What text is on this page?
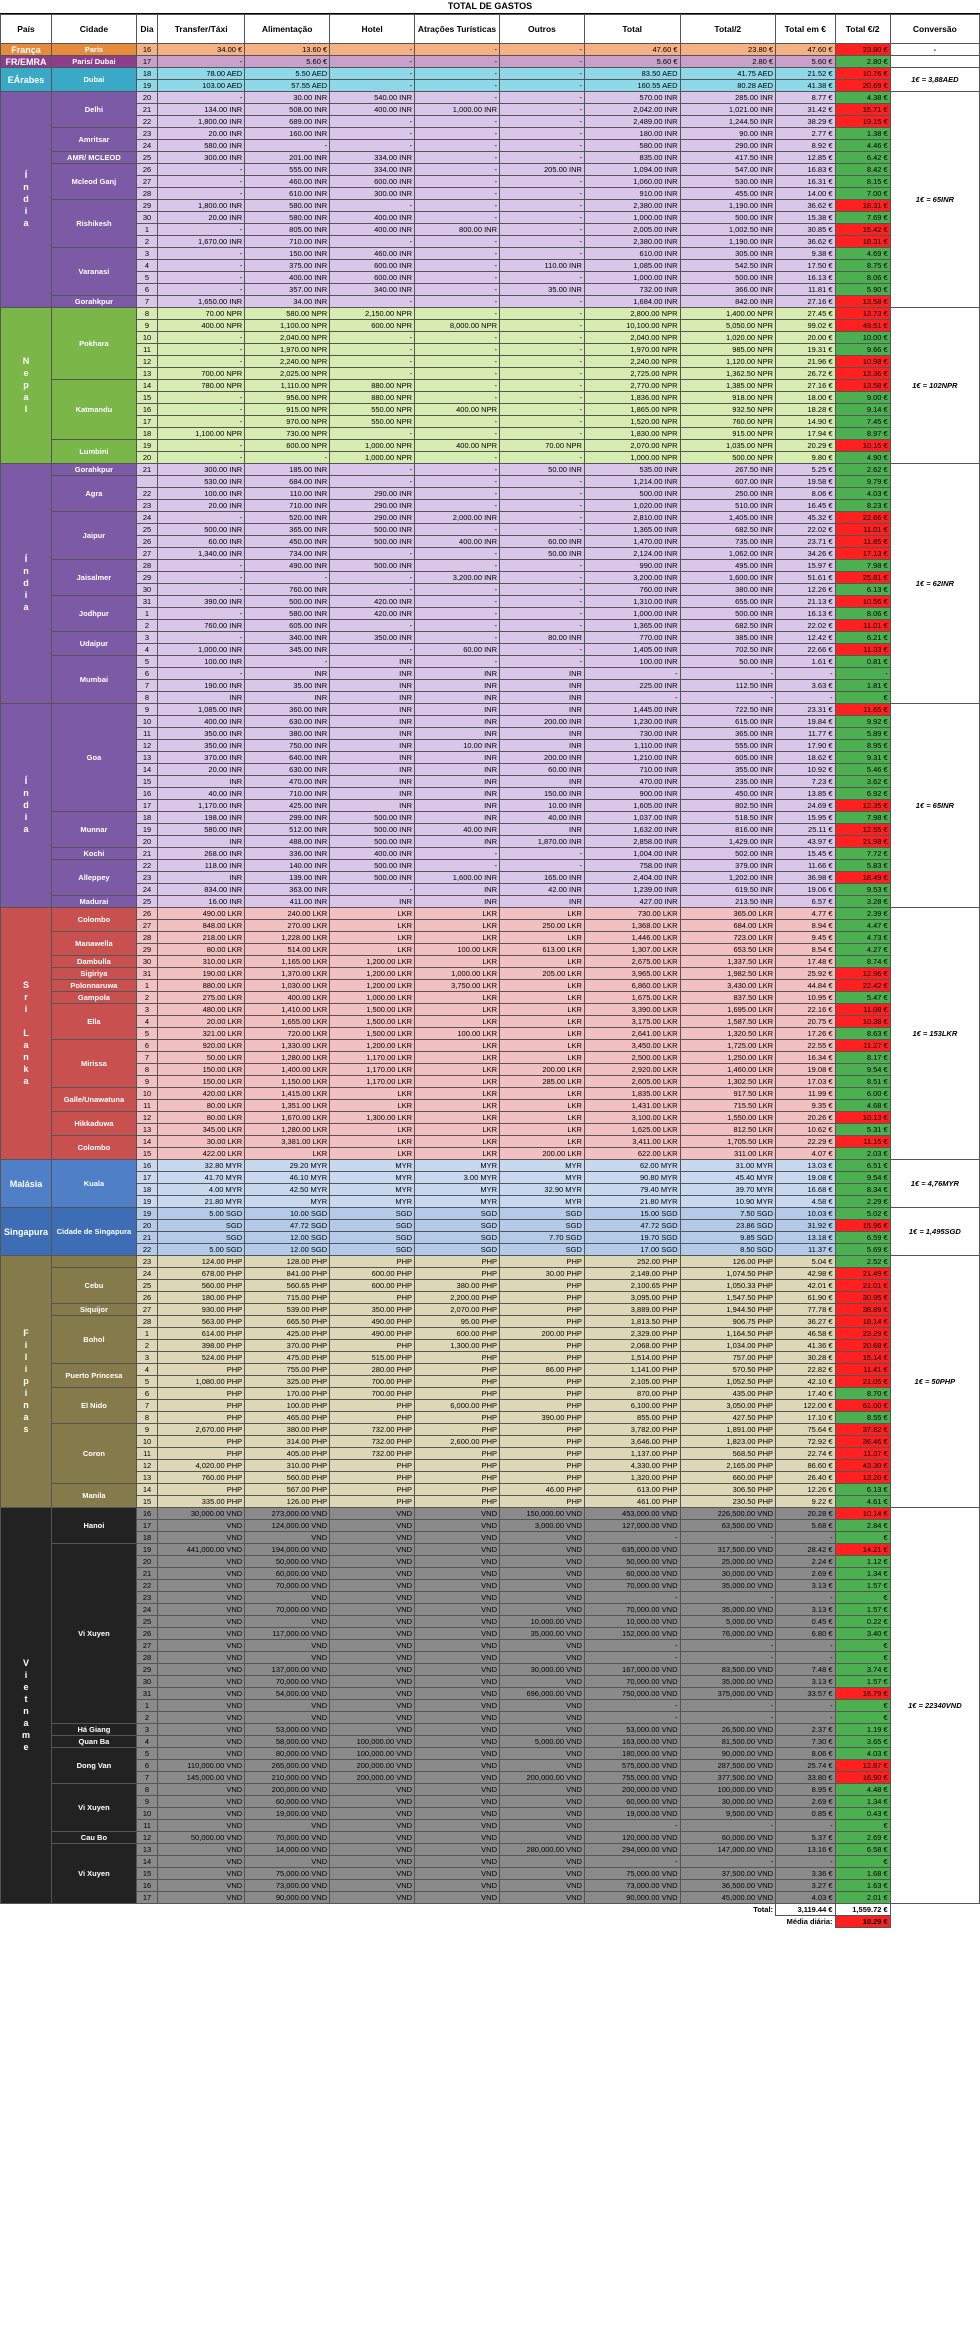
TOTAL DE GASTOS
País	Cidade	Dia	Transfer/Táxi	Alimentação	Hotel	Atrações Turísticas	Outros	Total	Total/2	Total em €	Total €/2	Conversão
França	Paris	16	34.00 €	13.60 €	-	-	-	47.60 €	23.80 €	47.60 €	23.80 €	-
FR/EMRA	Paris/ Dubai	17	-	5.60 €	-	-	-	5.60 €	2.80 €	5.60 €	2.80 €	
EÁrabes	Dubai	18	78.00 AED	5.50 AED	-	-	-	83.50 AED	41.75 AED	21.52 €	10.76 €	1€ = 3,88AED
		19	103.00 AED	57.55 AED	-	-	-	160.55 AED	80.28 AED	41.38 €	20.69 €	
Índia	Delhi	20	-	30.00 INR	540.00 INR	-	-	570.00 INR	285.00 INR	8.77 €	4.38 €	1€ = 65INR
		21	134.00 INR	508.00 INR	400.00 INR	1,000.00 INR	-	2,042.00 INR	1,021.00 INR	31.42 €	15.71 €	
		22	1,800.00 INR	689.00 INR	-	-	-	2,489.00 INR	1,244.50 INR	38.29 €	19.15 €	
	Amritsar	23	20.00 INR	160.00 INR	-	-	-	180.00 INR	90.00 INR	2.77 €	1.38 €	
		24	580.00 INR	-	-	-	-	580.00 INR	290.00 INR	8.92 €	4.46 €	
	AMR/ MCLEOD	25	300.00 INR	201.00 INR	334.00 INR	-	-	835.00 INR	417.50 INR	12.85 €	6.42 €	
	Mcleod Ganj	26	-	555.00 INR	334.00 INR	-	205.00 INR	1,094.00 INR	547.00 INR	16.83 €	8.42 €	
		27	-	460.00 INR	600.00 INR	-	-	1,060.00 INR	530.00 INR	16.31 €	8.15 €	
		28	-	610.00 INR	300.00 INR	-	-	910.00 INR	455.00 INR	14.00 €	7.00 €	
	Rishikesh	29	1,800.00 INR	580.00 INR	-	-	-	2,380.00 INR	1,190.00 INR	36.62 €	18.31 €	
		30	20.00 INR	580.00 INR	400.00 INR	-	-	1,000.00 INR	500.00 INR	15.38 €	7.69 €	
		1	-	805.00 INR	400.00 INR	800.00 INR	-	2,005.00 INR	1,002.50 INR	30.85 €	15.42 €	
		2	1,670.00 INR	710.00 INR	-	-	-	2,380.00 INR	1,190.00 INR	36.62 €	18.31 €	
	Varanasi	3	-	150.00 INR	460.00 INR	-	-	610.00 INR	305.00 INR	9.38 €	4.69 €	
		4	-	375.00 INR	600.00 INR	-	110.00 INR	1,085.00 INR	542.50 INR	17.50 €	8.75 €	
		5	-	400.00 INR	600.00 INR	-	-	1,000.00 INR	500.00 INR	16.13 €	8.06 €	
		6	-	357.00 INR	340.00 INR	-	35.00 INR	732.00 INR	366.00 INR	11.81 €	5.90 €	
	Gorahkpur	7	1,650.00 INR	34.00 INR	-	-	-	1,684.00 INR	842.00 INR	27.16 €	13.58 €	
Nepal	Pokhara	8	70.00 NPR	580.00 NPR	2,150.00 NPR	-	-	2,800.00 NPR	1,400.00 NPR	27.45 €	13.73 €	1€ = 102NPR
		9	400.00 NPR	1,100.00 NPR	600.00 NPR	8,000.00 NPR	-	10,100.00 NPR	5,050.00 NPR	99.02 €	49.51 €	
		10	-	2,040.00 NPR	-	-	-	2,040.00 NPR	1,020.00 NPR	20.00 €	10.00 €	
		11	-	1,970.00 NPR	-	-	-	1,970.00 NPR	985.00 NPR	19.31 €	9.66 €	
		12	-	2,240.00 NPR	-	-	-	2,240.00 NPR	1,120.00 NPR	21.96 €	10.98 €	
		13	700.00 NPR	2,025.00 NPR	-	-	-	2,725.00 NPR	1,362.50 NPR	26.72 €	13.36 €	
	Katmandu	14	780.00 NPR	1,110.00 NPR	880.00 NPR	-	-	2,770.00 NPR	1,385.00 NPR	27.16 €	13.58 €	
		15	-	956.00 NPR	880.00 NPR	-	-	1,836.00 NPR	918.00 NPR	18.00 €	9.00 €	
		16	-	915.00 NPR	550.00 NPR	400.00 NPR	-	1,865.00 NPR	932.50 NPR	18.28 €	9.14 €	
		17	-	970.00 NPR	550.00 NPR	-	-	1,520.00 NPR	760.00 NPR	14.90 €	7.45 €	
		18	1,100.00 NPR	730.00 NPR	-	-	-	1,830.00 NPR	915.00 NPR	17.94 €	8.97 €	
	Lumbini	19	-	600.00 NPR	1,000.00 NPR	400.00 NPR	70.00 NPR	2,070.00 NPR	1,035.00 NPR	20.29 €	10.15 €	
		20	-	-	1,000.00 NPR	-	-	1,000.00 NPR	500.00 NPR	9.80 €	4.90 €	
Índia	Gorahkpur	21	300.00 INR	185.00 INR	-	-	50.00 INR	535.00 INR	267.50 INR	5.25 €	2.62 €	1€ = 62INR
	Agra		530.00 INR	684.00 INR	-	-	-	1,214.00 INR	607.00 INR	19.58 €	9.79 €	
		22	100.00 INR	110.00 INR	290.00 INR	-	-	500.00 INR	250.00 INR	8.06 €	4.03 €	
		23	20.00 INR	710.00 INR	290.00 INR	-	-	1,020.00 INR	510.00 INR	16.45 €	8.23 €	
	Jaipur	24	-	520.00 INR	290.00 INR	2,000.00 INR	-	2,810.00 INR	1,405.00 INR	45.32 €	22.66 €	
		25	500.00 INR	365.00 INR	500.00 INR	-	-	1,365.00 INR	682.50 INR	22.02 €	11.01 €	
		26	60.00 INR	450.00 INR	500.00 INR	400.00 INR	60.00 INR	1,470.00 INR	735.00 INR	23.71 €	11.85 €	
		27	1,340.00 INR	734.00 INR	-	-	50.00 INR	2,124.00 INR	1,062.00 INR	34.26 €	17.13 €	
	Jaisalmer	28	-	490.00 INR	500.00 INR	-	-	990.00 INR	495.00 INR	15.97 €	7.98 €	
		29	-	-	-	3,200.00 INR	-	3,200.00 INR	1,600.00 INR	51.61 €	25.81 €	
		30	-	760.00 INR	-	-	-	760.00 INR	380.00 INR	12.26 €	6.13 €	
	Jodhpur	31	390.00 INR	500.00 INR	420.00 INR	-	-	1,310.00 INR	655.00 INR	21.13 €	10.56 €	
		1	-	580.00 INR	420.00 INR	-	-	1,000.00 INR	500.00 INR	16.13 €	8.06 €	
		2	760.00 INR	605.00 INR	-	-	-	1,365.00 INR	682.50 INR	22.02 €	11.01 €	
	Udaipur	3	-	340.00 INR	350.00 INR	-	80.00 INR	770.00 INR	385.00 INR	12.42 €	6.21 €	
		4	1,000.00 INR	345.00 INR	-	60.00 INR	-	1,405.00 INR	702.50 INR	22.66 €	11.33 €	
	Mumbai	5	100.00 INR	-	INR	-	-	100.00 INR	50.00 INR	1.61 €	0.81 €	
		6	-	INR	INR	INR	INR	-	-	-	-	
		7	190.00 INR	35.00 INR	INR	INR	INR	225.00 INR	112.50 INR	3.63 €	1.81 €	
		8	INR	INR	INR	INR	INR	-	-	-	€	
Índia	Goa	9	1,085.00 INR	360.00 INR	INR	INR	INR	1,445.00 INR	722.50 INR	23.31 €	11.65 €	1€ = 65INR
		10	400.00 INR	630.00 INR	INR	INR	200.00 INR	1,230.00 INR	615.00 INR	19.84 €	9.92 €	
		11	350.00 INR	380.00 INR	INR	INR	INR	730.00 INR	365.00 INR	11.77 €	5.89 €	
		12	350.00 INR	750.00 INR	INR	10.00 INR	INR	1,110.00 INR	555.00 INR	17.90 €	8.95 €	
		13	370.00 INR	640.00 INR	INR	INR	200.00 INR	1,210.00 INR	605.00 INR	18.62 €	9.31 €	
		14	20.00 INR	630.00 INR	INR	INR	60.00 INR	710.00 INR	355.00 INR	10.92 €	5.46 €	
		15	INR	470.00 INR	INR	INR	INR	470.00 INR	235.00 INR	7.23 €	3.62 €	
		16	40.00 INR	710.00 INR	INR	INR	150.00 INR	900.00 INR	450.00 INR	13.85 €	6.92 €	
		17	1,170.00 INR	425.00 INR	INR	INR	10.00 INR	1,605.00 INR	802.50 INR	24.69 €	12.35 €	
	Munnar	18	198.00 INR	299.00 INR	500.00 INR	INR	40.00 INR	1,037.00 INR	518.50 INR	15.95 €	7.98 €	
		19	580.00 INR	512.00 INR	500.00 INR	40.00 INR	INR	1,632.00 INR	816.00 INR	25.11 €	12.55 €	
		20	INR	488.00 INR	500.00 INR	INR	1,870.00 INR	2,858.00 INR	1,429.00 INR	43.97 €	21.98 €	
	Kochi	21	268.00 INR	336.00 INR	400.00 INR	-	-	1,004.00 INR	502.00 INR	15.45 €	7.72 €	
	Alleppey	22	118.00 INR	140.00 INR	500.00 INR	-	-	758.00 INR	379.00 INR	11.66 €	5.83 €	
		23	INR	139.00 INR	500.00 INR	1,600.00 INR	165.00 INR	2,404.00 INR	1,202.00 INR	36.98 €	18.49 €	
		24	834.00 INR	363.00 INR	-	INR	42.00 INR	1,239.00 INR	619.50 INR	19.06 €	9.53 €	
	Madurai	25	16.00 INR	411.00 INR	INR	INR	INR	427.00 INR	213.50 INR	6.57 €	3.28 €	
Sri Lanka	Colombo	26	490.00 LKR	240.00 LKR	LKR	LKR	LKR	730.00 LKR	365.00 LKR	4.77 €	2.39 €	1€ = 153LKR
		27	848.00 LKR	270.00 LKR	LKR	LKR	250.00 LKR	1,368.00 LKR	684.00 LKR	8.94 €	4.47 €	
	Manawella	28	218.00 LKR	1,228.00 LKR	LKR	LKR	LKR	1,446.00 LKR	723.00 LKR	9.45 €	4.73 €	
		29	80.00 LKR	514.00 LKR	LKR	100.00 LKR	613.00 LKR	1,307.00 LKR	653.50 LKR	8.54 €	4.27 €	
	Dambulla	30	310.00 LKR	1,165.00 LKR	1,200.00 LKR	LKR	LKR	2,675.00 LKR	1,337.50 LKR	17.48 €	8.74 €	
	Sigiriya	31	190.00 LKR	1,370.00 LKR	1,200.00 LKR	1,000.00 LKR	205.00 LKR	3,965.00 LKR	1,982.50 LKR	25.92 €	12.96 €	
	Polonnaruwa	1	880.00 LKR	1,030.00 LKR	1,200.00 LKR	3,750.00 LKR	LKR	6,860.00 LKR	3,430.00 LKR	44.84 €	22.42 €	
	Gampola	2	275.00 LKR	400.00 LKR	1,000.00 LKR	LKR	LKR	1,675.00 LKR	837.50 LKR	10.95 €	5.47 €	
	Ella	3	480.00 LKR	1,410.00 LKR	1,500.00 LKR	LKR	LKR	3,390.00 LKR	1,695.00 LKR	22.16 €	11.08 €	
		4	20.00 LKR	1,655.00 LKR	1,500.00 LKR	LKR	LKR	3,175.00 LKR	1,587.50 LKR	20.75 €	10.38 €	
		5	321.00 LKR	720.00 LKR	1,500.00 LKR	100.00 LKR	LKR	2,641.00 LKR	1,320.50 LKR	17.26 €	8.63 €	
	Mirissa	6	920.00 LKR	1,330.00 LKR	1,200.00 LKR	LKR	LKR	3,450.00 LKR	1,725.00 LKR	22.55 €	11.27 €	
		7	50.00 LKR	1,280.00 LKR	1,170.00 LKR	LKR	LKR	2,500.00 LKR	1,250.00 LKR	16.34 €	8.17 €	
		8	150.00 LKR	1,400.00 LKR	1,170.00 LKR	LKR	200.00 LKR	2,920.00 LKR	1,460.00 LKR	19.08 €	9.54 €	
		9	150.00 LKR	1,150.00 LKR	1,170.00 LKR	LKR	285.00 LKR	2,605.00 LKR	1,302.50 LKR	17.03 €	8.51 €	
	Galle/Unawatuna	10	420.00 LKR	1,415.00 LKR	LKR	LKR	LKR	1,835.00 LKR	917.50 LKR	11.99 €	6.00 €	
		11	80.00 LKR	1,351.00 LKR	LKR	LKR	LKR	1,431.00 LKR	715.50 LKR	9.35 €	4.68 €	
	Hikkaduwa	12	80.00 LKR	1,670.00 LKR	1,300.00 LKR	LKR	LKR	3,100.00 LKR	1,550.00 LKR	20.26 €	10.13 €	
		13	345.00 LKR	1,280.00 LKR	LKR	LKR	LKR	1,625.00 LKR	812.50 LKR	10.62 €	5.31 €	
	Colombo	14	30.00 LKR	3,381.00 LKR	LKR	LKR	LKR	3,411.00 LKR	1,705.50 LKR	22.29 €	11.15 €	
		15	422.00 LKR	LKR	LKR	LKR	200.00 LKR	622.00 LKR	311.00 LKR	4.07 €	2.03 €	
Malásia	Kuala	16	32.80 MYR	29.20 MYR	MYR	MYR	MYR	62.00 MYR	31.00 MYR	13.03 €	6.51 €	1€ = 4,76MYR
		17	41.70 MYR	46.10 MYR	MYR	3.00 MYR	MYR	90.80 MYR	45.40 MYR	19.08 €	9.54 €	
		18	4.00 MYR	42.50 MYR	MYR	MYR	32.90 MYR	79.40 MYR	39.70 MYR	16.68 €	8.34 €	
		19	21.80 MYR	MYR	MYR	MYR	MYR	21.80 MYR	10.90 MYR	4.58 €	2.29 €	
Singapura	Cidade de Singapura	19	5.00 SGD	10.00 SGD	SGD	SGD	SGD	15.00 SGD	7.50 SGD	10.03 €	5.02 €	1€ = 1,495SGD
		20	SGD	47.72 SGD	SGD	SGD	SGD	47.72 SGD	23.86 SGD	31.92 €	15.96 €	
		21	SGD	12.00 SGD	SGD	SGD	7.70 SGD	19.70 SGD	9.85 SGD	13.18 €	6.59 €	
		22	5.00 SGD	12.00 SGD	SGD	SGD	SGD	17.00 SGD	8.50 SGD	11.37 €	5.69 €	
Filipinas		23	124.00 PHP	128.00 PHP	PHP	PHP	PHP	252.00 PHP	126.00 PHP	5.04 €	2.52 €	1€ = 50PHP
	Cebu	24	678.00 PHP	841.00 PHP	600.00 PHP	PHP	30.00 PHP	2,149.00 PHP	1,074.50 PHP	42.98 €	21.49 €	
		25	560.00 PHP	560.65 PHP	600.00 PHP	380.00 PHP	PHP	2,100.65 PHP	1,050.33 PHP	42.01 €	21.01 €	
		26	180.00 PHP	715.00 PHP	PHP	2,200.00 PHP	PHP	3,095.00 PHP	1,547.50 PHP	61.90 €	30.95 €	
	Siquijor	27	930.00 PHP	539.00 PHP	350.00 PHP	2,070.00 PHP	PHP	3,889.00 PHP	1,944.50 PHP	77.78 €	38.89 €	
	Bohol	28	563.00 PHP	665.50 PHP	490.00 PHP	95.00 PHP	PHP	1,813.50 PHP	906.75 PHP	36.27 €	18.14 €	
		1	614.00 PHP	425.00 PHP	490.00 PHP	600.00 PHP	200.00 PHP	2,329.00 PHP	1,164.50 PHP	46.58 €	23.29 €	
		2	398.00 PHP	370.00 PHP	PHP	1,300.00 PHP	PHP	2,068.00 PHP	1,034.00 PHP	41.36 €	20.68 €	
		3	524.00 PHP	475.00 PHP	515.00 PHP	PHP	PHP	1,514.00 PHP	757.00 PHP	30.28 €	15.14 €	
	Puerto Princesa	4	PHP	755.00 PHP	280.00 PHP	PHP	86.00 PHP	1,141.00 PHP	570.50 PHP	22.82 €	11.41 €	
		5	1,080.00 PHP	325.00 PHP	700.00 PHP	PHP	PHP	2,105.00 PHP	1,052.50 PHP	42.10 €	21.05 €	
	El Nido	6	PHP	170.00 PHP	700.00 PHP	PHP	PHP	870.00 PHP	435.00 PHP	17.40 €	8.70 €	
		7	PHP	100.00 PHP	PHP	6,000.00 PHP	PHP	6,100.00 PHP	3,050.00 PHP	122.00 €	61.00 €	
		8	PHP	465.00 PHP	PHP	PHP	390.00 PHP	855.00 PHP	427.50 PHP	17.10 €	8.55 €	
	Coron	9	2,670.00 PHP	380.00 PHP	732.00 PHP	PHP	PHP	3,782.00 PHP	1,891.00 PHP	75.64 €	37.82 €	
		10	PHP	314.00 PHP	732.00 PHP	2,600.00 PHP	PHP	3,646.00 PHP	1,823.00 PHP	72.92 €	36.46 €	
		11	PHP	405.00 PHP	732.00 PHP	PHP	PHP	1,137.00 PHP	568.50 PHP	22.74 €	11.37 €	
		12	4,020.00 PHP	310.00 PHP	PHP	PHP	PHP	4,330.00 PHP	2,165.00 PHP	86.60 €	43.30 €	
		13	760.00 PHP	560.00 PHP	PHP	PHP	PHP	1,320.00 PHP	660.00 PHP	26.40 €	13.20 €	
	Manila	14	PHP	567.00 PHP	PHP	PHP	46.00 PHP	613.00 PHP	306.50 PHP	12.26 €	6.13 €	
		15	335.00 PHP	126.00 PHP	PHP	PHP	PHP	461.00 PHP	230.50 PHP	9.22 €	4.61 €	
Vietname	Hanoi	16	30,000.00 VND	273,000.00 VND	VND	VND	150,000.00 VND	453,000.00 VND	226,500.00 VND	20.28 €	10.14 €	1€ = 22340VND
		17	VND	124,000.00 VND	VND	VND	3,000.00 VND	127,000.00 VND	63,500.00 VND	5.68 €	2.84 €	
		18	VND	VND	VND	VND	VND	-	-	-	€	
	Vi Xuyen	19	441,000.00 VND	194,000.00 VND	VND	VND	VND	635,000.00 VND	317,500.00 VND	28.42 €	14.21 €	
		20	VND	50,000.00 VND	VND	VND	VND	50,000.00 VND	25,000.00 VND	2.24 €	1.12 €	
		21	VND	60,000.00 VND	VND	VND	VND	60,000.00 VND	30,000.00 VND	2.69 €	1.34 €	
		22	VND	70,000.00 VND	VND	VND	VND	70,000.00 VND	35,000.00 VND	3.13 €	1.57 €	
		23	VND	VND	VND	VND	VND	-	-	-	€	
		24	VND	70,000.00 VND	VND	VND	VND	70,000.00 VND	35,000.00 VND	3.13 €	1.57 €	
		25	VND	VND	VND	VND	10,000.00 VND	10,000.00 VND	5,000.00 VND	0.45 €	0.22 €	
		26	VND	117,000.00 VND	VND	VND	35,000.00 VND	152,000.00 VND	76,000.00 VND	6.80 €	3.40 €	
		27	VND	VND	VND	VND	VND	-	-	-	€	
		28	VND	VND	VND	VND	VND	-	-	-	€	
		29	VND	137,000.00 VND	VND	VND	30,000.00 VND	167,000.00 VND	83,500.00 VND	7.48 €	3.74 €	
		30	VND	70,000.00 VND	VND	VND	VND	70,000.00 VND	35,000.00 VND	3.13 €	1.57 €	
		31	VND	54,000.00 VND	VND	VND	696,000.00 VND	750,000.00 VND	375,000.00 VND	33.57 €	16.79 €	
		1	VND	VND	VND	VND	VND	-	-	-	€	
		2	VND	VND	VND	VND	VND	-	-	-	€	
	Há Giang	3	VND	53,000.00 VND	VND	VND	VND	53,000.00 VND	26,500.00 VND	2.37 €	1.19 €	
	Quan Ba	4	VND	58,000.00 VND	100,000.00 VND	VND	5,000.00 VND	163,000.00 VND	81,500.00 VND	7.30 €	3.65 €	
	Dong Van	5	VND	80,000.00 VND	100,000.00 VND	VND	VND	180,000.00 VND	90,000.00 VND	8.06 €	4.03 €	
		6	110,000.00 VND	265,000.00 VND	200,000.00 VND	VND	VND	575,000.00 VND	287,500.00 VND	25.74 €	12.87 €	
		7	145,000.00 VND	210,000.00 VND	200,000.00 VND	VND	200,000.00 VND	755,000.00 VND	377,500.00 VND	33.80 €	16.90 €	
	Vi Xuyen	8	VND	200,000.00 VND	VND	VND	VND	200,000.00 VND	100,000.00 VND	8.95 €	4.48 €	
		9	VND	60,000.00 VND	VND	VND	VND	60,000.00 VND	30,000.00 VND	2.69 €	1.34 €	
		10	VND	19,000.00 VND	VND	VND	VND	19,000.00 VND	9,500.00 VND	0.85 €	0.43 €	
		11	VND	VND	VND	VND	VND	-	-	-	€	
	Cau Bo	12	50,000.00 VND	70,000.00 VND	VND	VND	VND	120,000.00 VND	60,000.00 VND	5.37 €	2.69 €	
	Vi Xuyen	13	VND	14,000.00 VND	VND	VND	280,000.00 VND	294,000.00 VND	147,000.00 VND	13.16 €	6.58 €	
		14	VND	VND	VND	VND	VND	-	-	-	€	
		15	VND	75,000.00 VND	VND	VND	VND	75,000.00 VND	37,500.00 VND	3.36 €	1.68 €	
		16	VND	73,000.00 VND	VND	VND	VND	73,000.00 VND	36,500.00 VND	3.27 €	1.63 €	
		17	VND	90,000.00 VND	VND	VND	VND	90,000.00 VND	45,000.00 VND	4.03 €	2.01 €	
Total:										3,119.44 €	1,559.72 €	
Média diária:											10.29 €	
